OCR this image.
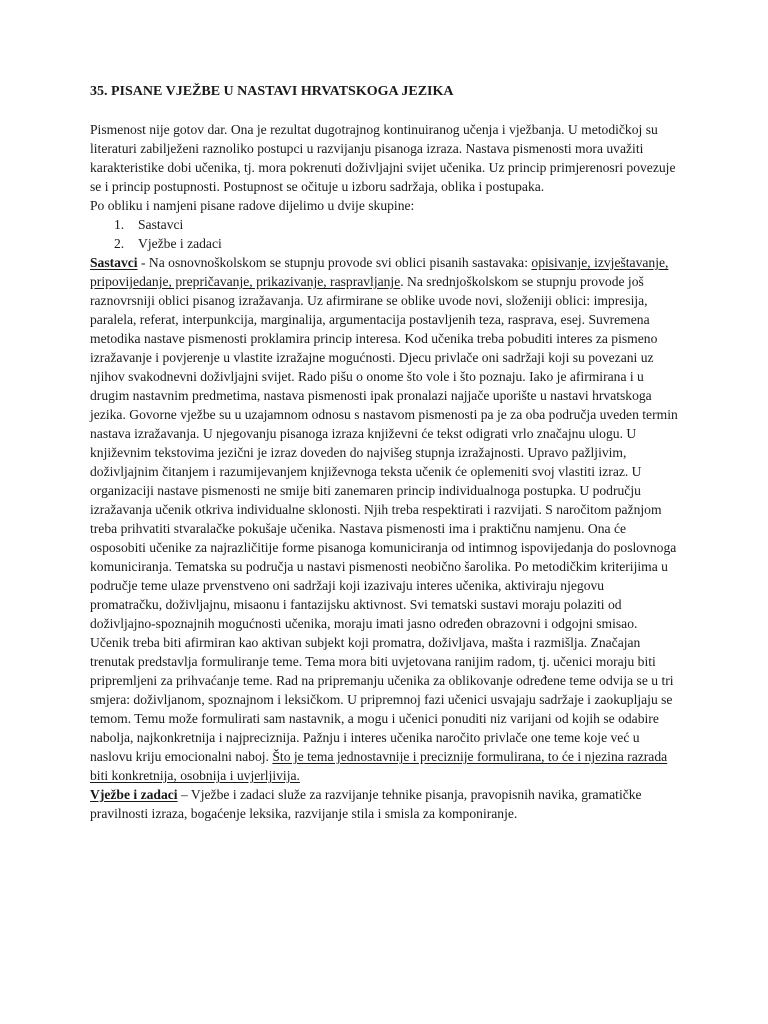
35. PISANE VJEŽBE U NASTAVI HRVATSKOGA JEZIKA

Pismenost nije gotov dar. Ona je rezultat dugotrajnog kontinuiranog učenja i vježbanja. U metodičkoj su literaturi zabilježeni raznoliko postupci u razvijanju pisanoga izraza. Nastava pismenosti mora uvažiti karakteristike dobi učenika, tj. mora pokrenuti doživljajni svijet učenika. Uz princip primjerenosri povezuje se i princip postupnosti. Postupnost se očituje u izboru sadržaja, oblika i postupaka.

Po obliku i namjeni pisane radove dijelimo u dvije skupine:

1.	Sastavci
2.	Vježbe i zadaci

Sastavci - Na osnovnoškolskom se stupnju provode svi oblici pisanih sastavaka: opisivanje, izvještavanje, pripovijedanje, prepričavanje, prikazivanje, raspravljanje. Na srednjoškolskom se stupnju provode još raznovrsniji oblici pisanog izražavanja. Uz afirmirane se oblike uvode novi, složeniji oblici: impresija, paralela, referat, interpunkcija, marginalija, argumentacija postavljenih teza, rasprava, esej. Suvremena metodika nastave pismenosti proklamira princip interesa. Kod učenika treba pobuditi interes za pismeno izražavanje i povjerenje u vlastite izražajne mogućnosti. Djecu privlače oni sadržaji koji su povezani uz njihov svakodnevni doživljajni svijet. Rado pišu o onome što vole i što poznaju. Iako je afirmirana i u drugim nastavnim predmetima, nastava pismenosti ipak pronalazi najjače uporište u nastavi hrvatskoga jezika. Govorne vježbe su u uzajamnom odnosu s nastavom pismenosti pa je za oba područja uveden termin nastava izražavanja. U njegovanju pisanoga izraza književni će tekst odigrati vrlo značajnu ulogu. U književnim tekstovima jezični je izraz doveden do najvišeg stupnja izražajnosti. Upravo pažljivim, doživljajnim čitanjem i razumijevanjem književnoga teksta učenik će oplemeniti svoj vlastiti izraz. U organizaciji nastave pismenosti ne smije biti zanemaren princip individualnoga postupka. U području izražavanja učenik otkriva individualne sklonosti. Njih treba respektirati i razvijati. S naročitom pažnjom treba prihvatiti stvaralačke pokušaje učenika. Nastava pismenosti ima i praktičnu namjenu. Ona će osposobiti učenike za najrazličitije forme pisanoga komuniciranja od intimnog ispovijedanja do poslovnoga komuniciranja. Tematska su područja u nastavi pismenosti neobično šarolika. Po metodičkim kriterijima u područje teme ulaze prvenstveno oni sadržaji koji izazivaju interes učenika, aktiviraju njegovu promatračku, doživljajnu, misaonu i fantazijsku aktivnost. Svi tematski sustavi moraju polaziti od doživljajno-spoznajnih mogućnosti učenika, moraju imati jasno određen obrazovni i odgojni smisao. Učenik treba biti afirmiran kao aktivan subjekt koji promatra, doživljava, mašta i razmišlja. Značajan trenutak predstavlja formuliranje teme. Tema mora biti uvjetovana ranijim radom, tj. učenici moraju biti pripremljeni za prihvaćanje teme. Rad na pripremanju učenika za oblikovanje određene teme odvija se u tri smjera: doživljanom, spoznajnom i leksičkom. U pripremnoj fazi učenici usvajaju sadržaje i zaokupljaju se temom. Temu može formulirati sam nastavnik, a mogu i učenici ponuditi niz varijani od kojih se odabire nabolja, najkonkretnija i najpreciznija. Pažnju i interes učenika naročito privlače one teme koje već u naslovu kriju emocionalni naboj. Što je tema jednostavnije i preciznije formulirana, to će i njezina razrada biti konkretnija, osobnija i uvjerljivija.

Vježbe i zadaci – Vježbe i zadaci služe za razvijanje tehnike pisanja, pravopisnih navika, gramatičke pravilnosti izraza, bogaćenje leksika, razvijanje stila i smisla za komponiranje.
